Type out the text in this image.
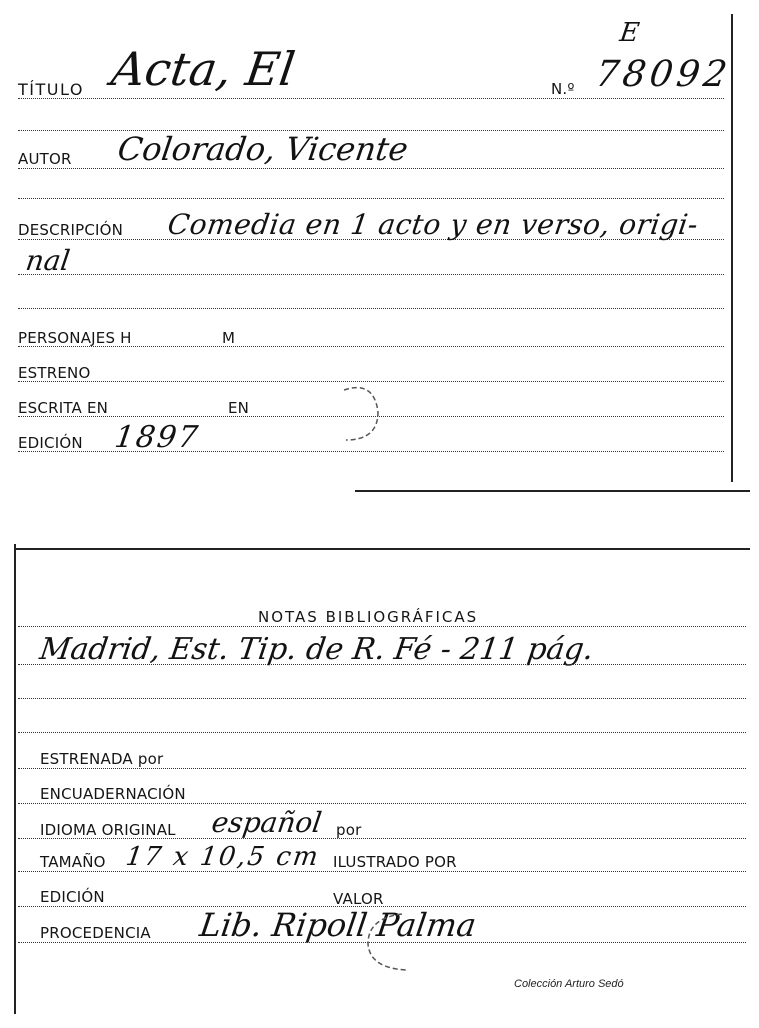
E
TÍTULO Acta, El	N.º 78092
AUTOR Colorado, Vicente
DESCRIPCIÓN Comedia en 1 acto y en verso, origi-
nal
PERSONAJES H	M
ESTRENO
ESCRITA EN	EN
EDICIÓN 1897
NOTAS BIBLIOGRÁFICAS
Madrid, Est. Tip. de R. Fé - 211 pág.
ESTRENADA por
ENCUADERNACIÓN
IDIOMA ORIGINAL español por
TAMAÑO 17 x 10,5 cm ILUSTRADO POR
EDICIÓN	VALOR
PROCEDENCIA Lib. Ripoll Palma
Colección Arturo Sedó
